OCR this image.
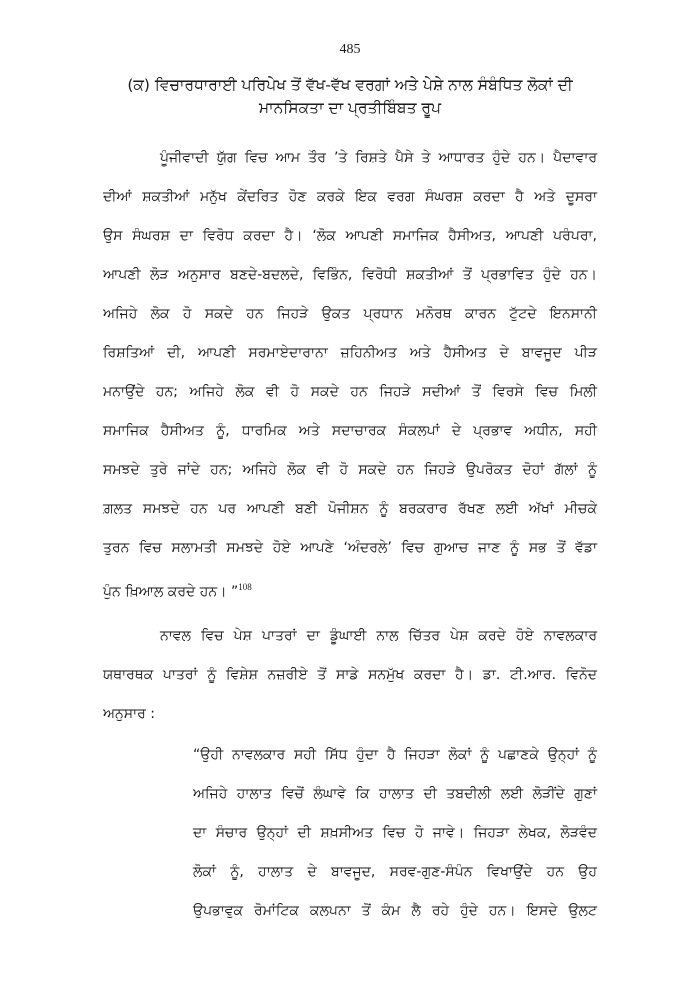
485
(ਕ) ਵਿਚਾਰਧਾਰਾਈ ਪਰਿਪੇਖ ਤੋਂ ਵੱਖ-ਵੱਖ ਵਰਗਾਂ ਅਤੇ ਪੇਸ਼ੇ ਨਾਲ ਸੰਬੰਧਿਤ ਲੋਕਾਂ ਦੀ
ਮਾਨਸਿਕਤਾ ਦਾ ਪ੍ਰਤੀਬਿੰਬਤ ਰੂਪ
ਪੂੰਜੀਵਾਦੀ ਯੁੱਗ ਵਿਚ ਆਮ ਤੌਰ ’ਤੇ ਰਿਸ਼ਤੇ ਪੈਸੇ ਤੇ ਆਧਾਰਤ ਹੁੰਦੇ ਹਨ। ਪੈਦਾਵਾਰ
ਦੀਆਂ ਸ਼ਕਤੀਆਂ ਮਨੁੱਖ ਕੇਂਦਰਿਤ ਹੋਣ ਕਰਕੇ ਇਕ ਵਰਗ ਸੰਘਰਸ਼ ਕਰਦਾ ਹੈ ਅਤੇ ਦੂਸਰਾ
ਉਸ ਸੰਘਰਸ਼ ਦਾ ਵਿਰੋਧ ਕਰਦਾ ਹੈ। ‘ਲੋਕ ਆਪਣੀ ਸਮਾਜਿਕ ਹੈਸੀਅਤ, ਆਪਣੀ ਪਰੰਪਰਾ,
ਆਪਣੀ ਲੋੜ ਅਨੁਸਾਰ ਬਣਦੇ-ਬਦਲਦੇ, ਵਿਭਿੰਨ, ਵਿਰੋਧੀ ਸ਼ਕਤੀਆਂ ਤੋਂ ਪ੍ਰਭਾਵਿਤ ਹੁੰਦੇ ਹਨ।
ਅਜਿਹੇ ਲੋਕ ਹੋ ਸਕਦੇ ਹਨ ਜਿਹੜੇ ਉਕਤ ਪ੍ਰਧਾਨ ਮਨੋਰਥ ਕਾਰਨ ਟੁੱਟਦੇ ਇਨਸਾਨੀ
ਰਿਸ਼ਤਿਆਂ ਦੀ, ਆਪਣੀ ਸਰਮਾਏਦਾਰਾਨਾ ਜ਼ਹਿਨੀਅਤ ਅਤੇ ਹੈਸੀਅਤ ਦੇ ਬਾਵਜੂਦ ਪੀੜ
ਮਨਾਉਂਦੇ ਹਨ; ਅਜਿਹੇ ਲੋਕ ਵੀ ਹੋ ਸਕਦੇ ਹਨ ਜਿਹੜੇ ਸਦੀਆਂ ਤੋਂ ਵਿਰਸੇ ਵਿਚ ਮਿਲੀ
ਸਮਾਜਿਕ ਹੈਸੀਅਤ ਨੂੰ, ਧਾਰਮਿਕ ਅਤੇ ਸਦਾਚਾਰਕ ਸੰਕਲਪਾਂ ਦੇ ਪ੍ਰਭਾਵ ਅਧੀਨ, ਸਹੀ
ਸਮਝਦੇ ਤੁਰੇ ਜਾਂਦੇ ਹਨ; ਅਜਿਹੇ ਲੋਕ ਵੀ ਹੋ ਸਕਦੇ ਹਨ ਜਿਹੜੇ ਉਪਰੋਕਤ ਦੋਹਾਂ ਗੱਲਾਂ ਨੂੰ
ਗ਼ਲਤ ਸਮਝਦੇ ਹਨ ਪਰ ਆਪਣੀ ਬਣੀ ਪੋਜੀਸ਼ਨ ਨੂੰ ਬਰਕਰਾਰ ਰੱਖਣ ਲਈ ਅੱਖਾਂ ਮੀਚਕੇ
ਤੁਰਨ ਵਿਚ ਸਲਾਮਤੀ ਸਮਝਦੇ ਹੋਏ ਆਪਣੇ ‘ਅੰਦਰਲੇ’ ਵਿਚ ਗੁਆਚ ਜਾਣ ਨੂੰ ਸਭ ਤੋਂ ਵੱਡਾ
ਪੁੰਨ ਖ਼ਿਆਲ ਕਰਦੇ ਹਨ। ”$^{108}$
ਨਾਵਲ ਵਿਚ ਪੇਸ਼ ਪਾਤਰਾਂ ਦਾ ਡੂੰਘਾਈ ਨਾਲ ਚਿੱਤਰ ਪੇਸ਼ ਕਰਦੇ ਹੋਏ ਨਾਵਲਕਾਰ
ਯਥਾਰਥਕ ਪਾਤਰਾਂ ਨੂੰ ਵਿਸ਼ੇਸ਼ ਨਜ਼ਰੀਏ ਤੋਂ ਸਾਡੇ ਸਨਮੁੱਖ ਕਰਦਾ ਹੈ। ਡਾ. ਟੀ.ਆਰ. ਵਿਨੋਦ
ਅਨੁਸਾਰ :
“ਉਹੀ ਨਾਵਲਕਾਰ ਸਹੀ ਸਿੱਧ ਹੁੰਦਾ ਹੈ ਜਿਹੜਾ ਲੋਕਾਂ ਨੂੰ ਪਛਾਣਕੇ ਉਨ੍ਹਾਂ ਨੂੰ
ਅਜਿਹੇ ਹਾਲਾਤ ਵਿਚੋਂ ਲੰਘਾਵੇ ਕਿ ਹਾਲਾਤ ਦੀ ਤਬਦੀਲੀ ਲਈ ਲੋੜੀਂਦੇ ਗੁਣਾਂ
ਦਾ ਸੰਚਾਰ ਉਨ੍ਹਾਂ ਦੀ ਸ਼ਖ਼ਸੀਅਤ ਵਿਚ ਹੋ ਜਾਵੇ। ਜਿਹੜਾ ਲੇਖਕ, ਲੋੜਵੰਦ
ਲੋਕਾਂ ਨੂੰ, ਹਾਲਾਤ ਦੇ ਬਾਵਜੂਦ, ਸਰਵ-ਗੁਣ-ਸੰਪੰਨ ਵਿਖਾਉਂਦੇ ਹਨ ਉਹ
ਉਪਭਾਵੁਕ ਰੋਮਾਂਟਿਕ ਕਲਪਨਾ ਤੋਂ ਕੰਮ ਲੈ ਰਹੇ ਹੁੰਦੇ ਹਨ। ਇਸਦੇ ਉਲਟ
